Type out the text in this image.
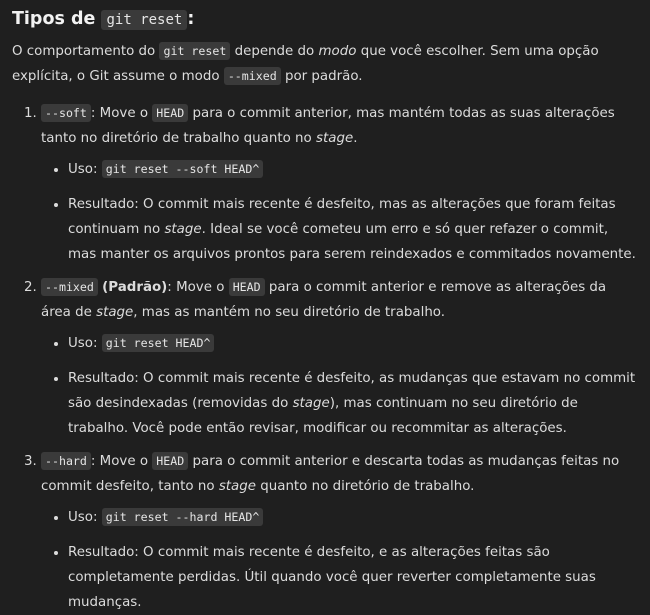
Tipos de git reset :

O comportamento do git reset depende do modo que você escolher. Sem uma opção explícita, o Git assume o modo --mixed por padrão.

1. --soft : Move o HEAD para o commit anterior, mas mantém todas as suas alterações tanto no diretório de trabalho quanto no stage.
• Uso: git reset --soft HEAD^
• Resultado: O commit mais recente é desfeito, mas as alterações que foram feitas continuam no stage. Ideal se você cometeu um erro e só quer refazer o commit, mas manter os arquivos prontos para serem reindexados e commitados novamente.
2. --mixed (Padrão): Move o HEAD para o commit anterior e remove as alterações da área de stage, mas as mantém no seu diretório de trabalho.
• Uso: git reset HEAD^
• Resultado: O commit mais recente é desfeito, as mudanças que estavam no commit são desindexadas (removidas do stage), mas continuam no seu diretório de trabalho. Você pode então revisar, modificar ou recommitar as alterações.
3. --hard : Move o HEAD para o commit anterior e descarta todas as mudanças feitas no commit desfeito, tanto no stage quanto no diretório de trabalho.
• Uso: git reset --hard HEAD^
• Resultado: O commit mais recente é desfeito, e as alterações feitas são completamente perdidas. Útil quando você quer reverter completamente suas mudanças.
